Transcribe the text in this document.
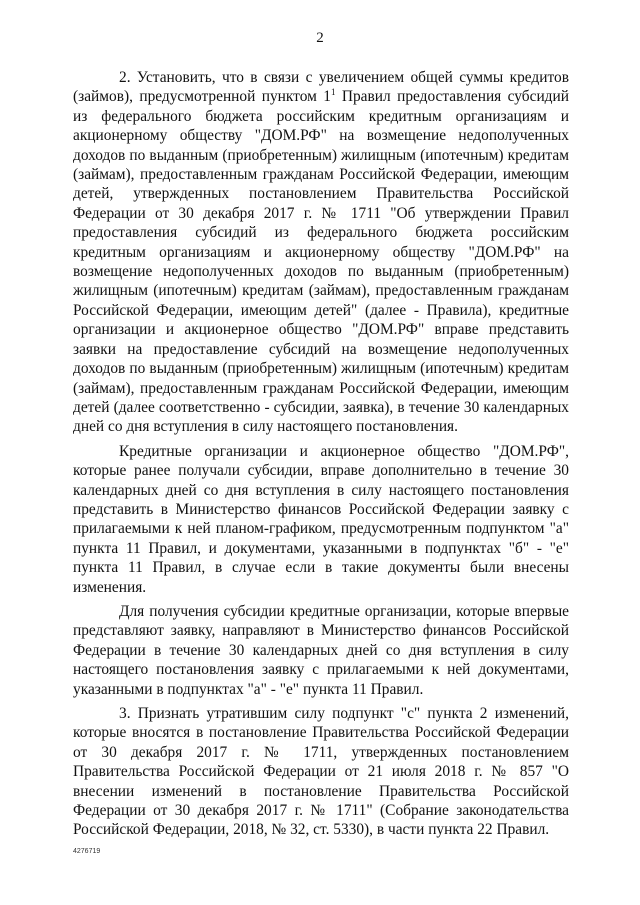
2

2. Установить, что в связи с увеличением общей суммы кредитов (займов), предусмотренной пунктом $1^1$ Правил предоставления субсидий из федерального бюджета российским кредитным организациям и акционерному обществу "ДОМ.РФ" на возмещение недополученных доходов по выданным (приобретенным) жилищным (ипотечным) кредитам (займам), предоставленным гражданам Российской Федерации, имеющим детей, утвержденных постановлением Правительства Российской Федерации от 30 декабря 2017 г. № 1711 "Об утверждении Правил предоставления субсидий из федерального бюджета российским кредитным организациям и акционерному обществу "ДОМ.РФ" на возмещение недополученных доходов по выданным (приобретенным) жилищным (ипотечным) кредитам (займам), предоставленным гражданам Российской Федерации, имеющим детей" (далее - Правила), кредитные организации и акционерное общество "ДОМ.РФ" вправе представить заявки на предоставление субсидий на возмещение недополученных доходов по выданным (приобретенным) жилищным (ипотечным) кредитам (займам), предоставленным гражданам Российской Федерации, имеющим детей (далее соответственно - субсидии, заявка), в течение 30 календарных дней со дня вступления в силу настоящего постановления.

Кредитные организации и акционерное общество "ДОМ.РФ", которые ранее получали субсидии, вправе дополнительно в течение 30 календарных дней со дня вступления в силу настоящего постановления представить в Министерство финансов Российской Федерации заявку с прилагаемыми к ней планом-графиком, предусмотренным подпунктом "а" пункта 11 Правил, и документами, указанными в подпунктах "б" - "е" пункта 11 Правил, в случае если в такие документы были внесены изменения.

Для получения субсидии кредитные организации, которые впервые представляют заявку, направляют в Министерство финансов Российской Федерации в течение 30 календарных дней со дня вступления в силу настоящего постановления заявку с прилагаемыми к ней документами, указанными в подпунктах "а" - "е" пункта 11 Правил.

3. Признать утратившим силу подпункт "с" пункта 2 изменений, которые вносятся в постановление Правительства Российской Федерации от 30 декабря 2017 г. № 1711, утвержденных постановлением Правительства Российской Федерации от 21 июля 2018 г. № 857 "О внесении изменений в постановление Правительства Российской Федерации от 30 декабря 2017 г. № 1711" (Собрание законодательства Российской Федерации, 2018, № 32, ст. 5330), в части пункта 22 Правил.

4276719
